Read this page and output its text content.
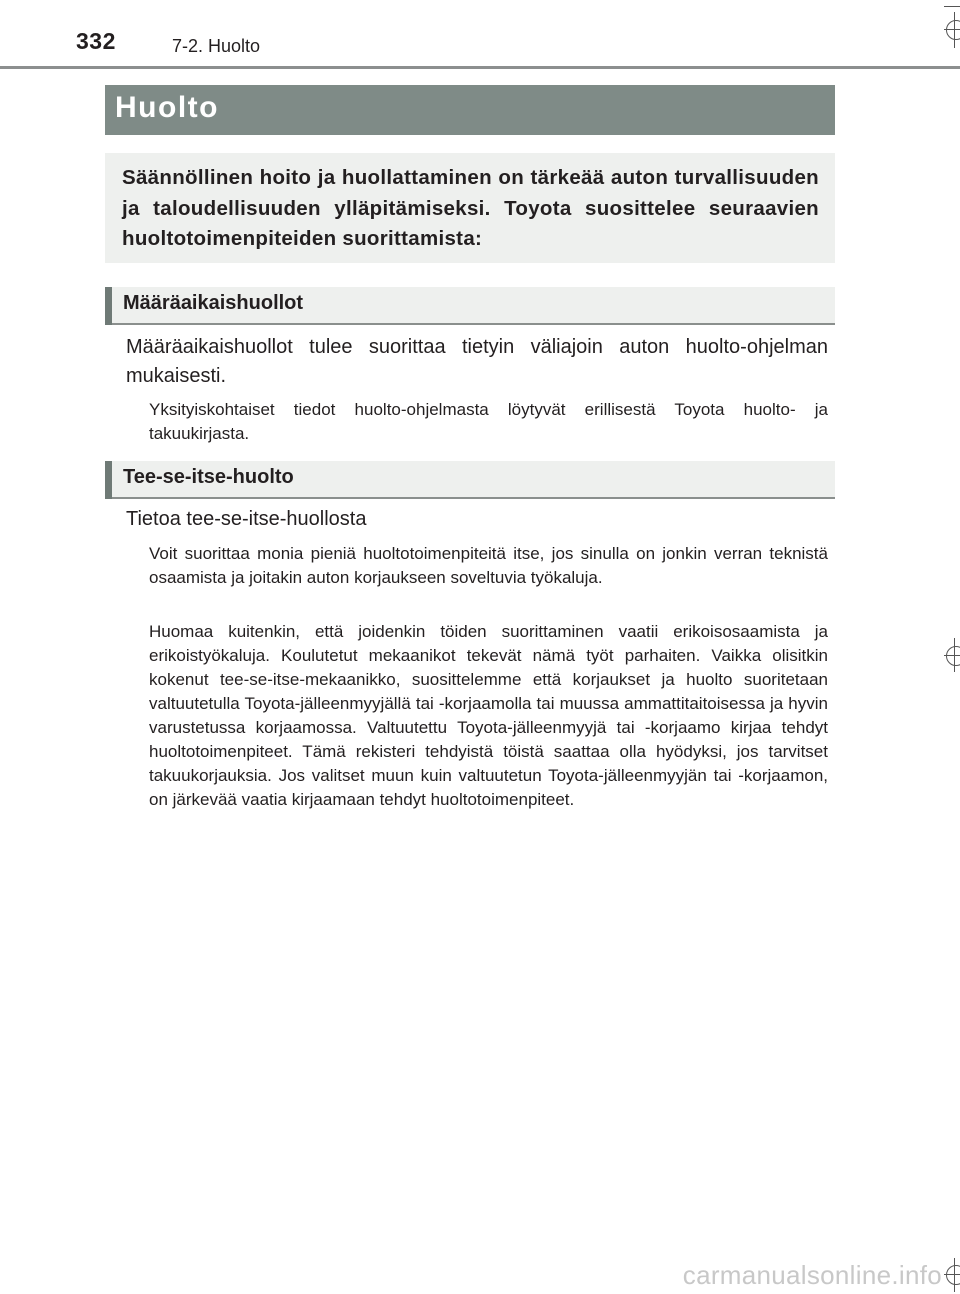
332	7-2. Huolto
Huolto

Säännöllinen hoito ja huollattaminen on tärkeää auton turvallisuuden ja taloudellisuuden ylläpitämiseksi. Toyota suosittelee seuraavien huoltotoimenpiteiden suorittamista:

Määräaikaishuollot

Määräaikaishuollot tulee suorittaa tietyin väliajoin auton huolto-ohjelman mukaisesti.

Yksityiskohtaiset tiedot huolto-ohjelmasta löytyvät erillisestä Toyota huolto- ja takuukirjasta.

Tee-se-itse-huolto

Tietoa tee-se-itse-huollosta

Voit suorittaa monia pieniä huoltotoimenpiteitä itse, jos sinulla on jonkin verran teknistä osaamista ja joitakin auton korjaukseen soveltuvia työkaluja.

Huomaa kuitenkin, että joidenkin töiden suorittaminen vaatii erikoisosaamista ja erikoistyökaluja. Koulutetut mekaanikot tekevät nämä työt parhaiten. Vaikka olisitkin kokenut tee-se-itse-mekaanikko, suosittelemme että korjaukset ja huolto suoritetaan valtuutetulla Toyota-jälleenmyyjällä tai -korjaamolla tai muussa ammattitaitoisessa ja hyvin varustetussa korjaamossa. Valtuutettu Toyota-jälleenmyyjä tai -korjaamo kirjaa tehdyt huoltotoimenpiteet. Tämä rekisteri tehdyistä töistä saattaa olla hyödyksi, jos tarvitset takuukorjauksia. Jos valitset muun kuin valtuutetun Toyota-jälleenmyyjän tai -korjaamon, on järkevää vaatia kirjaamaan tehdyt huoltotoimenpiteet.

carmanualsonline.info
